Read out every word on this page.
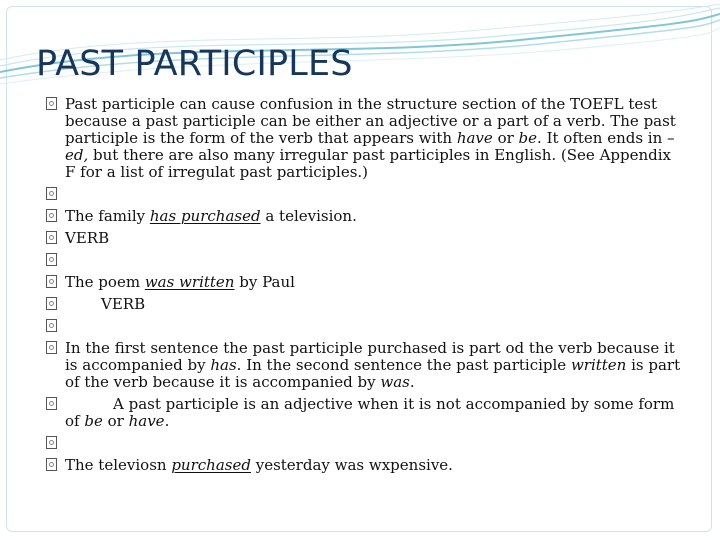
PAST PARTICIPLES

Past participle can cause confusion in the structure section of the TOEFL test because a past participle can be either an adjective or a part of a verb. The past participle is the form of the verb that appears with have or be. It often ends in –ed, but there are also many irregular past participles in English. (See Appendix F for a list of irregulat past participles.)

The family has purchased a television.

VERB

The poem was written by Paul

VERB

In the first sentence the past participle purchased is part od the verb because it is accompanied by has. In the second sentence the past participle written is part of the verb because it is accompanied by was.

A past participle is an adjective when it is not accompanied by some form of be or have.

The televiosn purchased yesterday was wxpensive.
